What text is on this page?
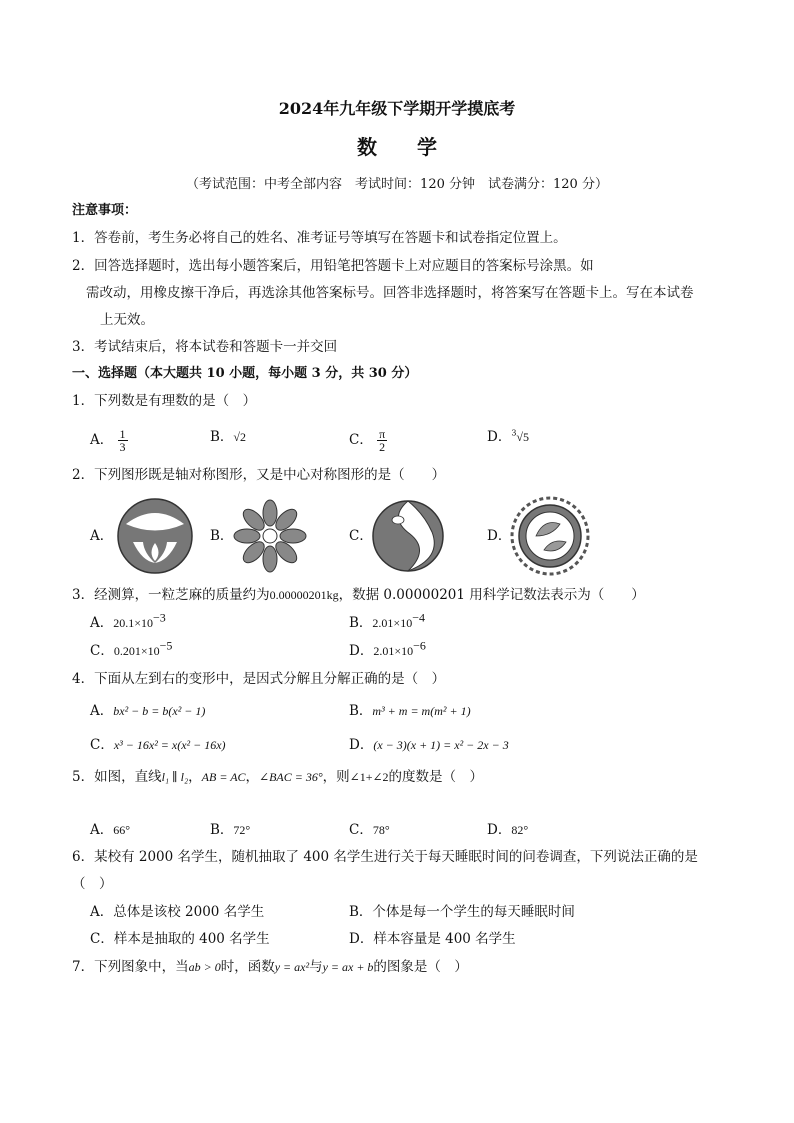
2024年九年级下学期开学摸底考
数　　学
（考试范围：中考全部内容　考试时间：120 分钟　试卷满分：120 分）
注意事项：
1．答卷前，考生务必将自己的姓名、准考证号等填写在答题卡和试卷指定位置上。
2．回答选择题时，选出每小题答案后，用铅笔把答题卡上对应题目的答案标号涂黑。如
需改动，用橡皮擦干净后，再选涂其他答案标号。回答非选择题时，将答案写在答题卡上。写在本试卷
上无效。
3．考试结束后，将本试卷和答题卡一并交回
一、选择题（本大题共 10 小题，每小题 3 分，共 30 分）
1．下列数是有理数的是（　）
A． $\frac{1}{3}$	B．√2	C． $\frac{\pi}{2}$	D．$^3$√5
2．下列图形既是轴对称图形，又是中心对称图形的是（　　）
A．	B．	C．	D．
3．经测算，一粒芝麻的质量约为0.00000201kg，数据 0.00000201 用科学记数法表示为（　　）
A．$20.1\times 10^{-3}$	B．$2.01\times 10^{-4}$
C．$0.201\times 10^{-5}$	D．$2.01\times 10^{-6}$
4．下面从左到右的变形中，是因式分解且分解正确的是（　）
A．bx² − b = b(x² − 1)	B．m³ + m = m(m² + 1)
C．x³ − 16x² = x(x² − 16x)	D．(x − 3)(x + 1) = x² − 2x − 3
5．如图，直线l₁ ∥ l₂，AB = AC，∠BAC = 36°，则∠1+∠2的度数是（　）
A．66°	B．72°	C．78°	D．82°
6．某校有 2000 名学生，随机抽取了 400 名学生进行关于每天睡眠时间的问卷调查，下列说法正确的是
（　）
A．总体是该校 2000 名学生	B．个体是每一个学生的每天睡眠时间
C．样本是抽取的 400 名学生	D．样本容量是 400 名学生
7．下列图象中，当ab > 0时，函数y = ax²与y = ax + b的图象是（　）
